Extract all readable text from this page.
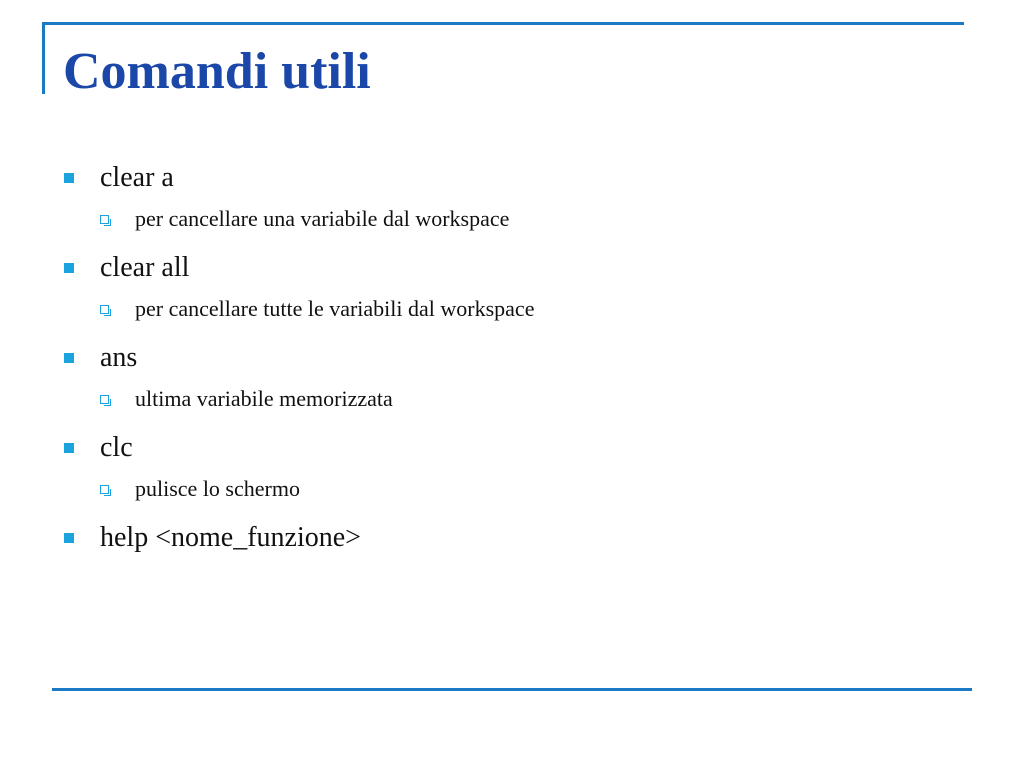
Comandi utili
clear a
per cancellare una variabile dal workspace
clear all
per cancellare tutte le variabili dal workspace
ans
ultima variabile memorizzata
clc
pulisce lo schermo
help <nome_funzione>
